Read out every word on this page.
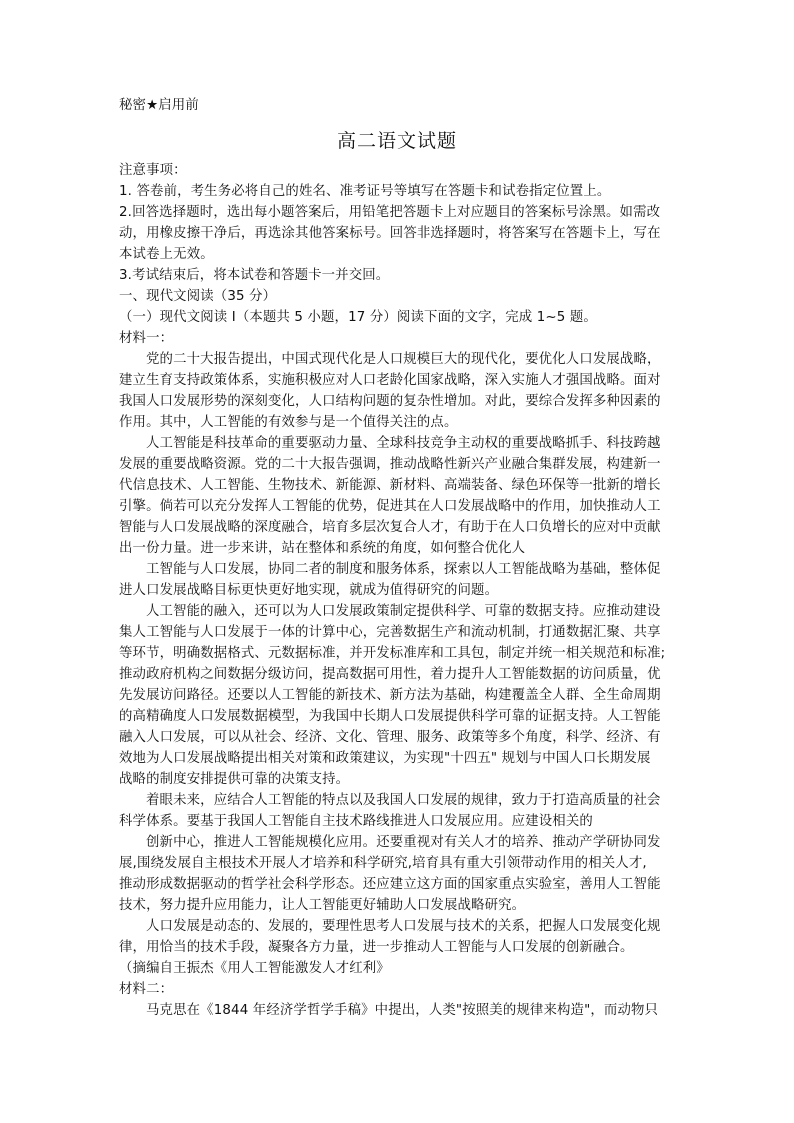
秘密★启用前
高二语文试题
注意事项：
1. 答卷前，考生务必将自己的姓名、准考证号等填写在答题卡和试卷指定位置上。
2.回答选择题时，选出每小题答案后，用铅笔把答题卡上对应题目的答案标号涂黑。如需改
动，用橡皮擦干净后，再选涂其他答案标号。回答非选择题时，将答案写在答题卡上，写在
本试卷上无效。
3.考试结束后，将本试卷和答题卡一并交回。
一、现代文阅读（35 分）
（一）现代文阅读 I（本题共 5 小题，17 分）阅读下面的文字，完成 1~5 题。
材料一：
党的二十大报告提出，中国式现代化是人口规模巨大的现代化，要优化人口发展战略，
建立生育支持政策体系，实施积极应对人口老龄化国家战略，深入实施人才强国战略。面对
我国人口发展形势的深刻变化，人口结构问题的复杂性增加。对此，要综合发挥多种因素的
作用。其中，人工智能的有效参与是一个值得关注的点。
人工智能是科技革命的重要驱动力量、全球科技竞争主动权的重要战略抓手、科技跨越
发展的重要战略资源。党的二十大报告强调，推动战略性新兴产业融合集群发展，构建新一
代信息技术、人工智能、生物技术、新能源、新材料、高端装备、绿色环保等一批新的增长
引擎。倘若可以充分发挥人工智能的优势，促进其在人口发展战略中的作用，加快推动人工
智能与人口发展战略的深度融合，培育多层次复合人才，有助于在人口负增长的应对中贡献
出一份力量。进一步来讲，站在整体和系统的角度，如何整合优化人
工智能与人口发展，协同二者的制度和服务体系，探索以人工智能战略为基础，整体促
进人口发展战略目标更快更好地实现，就成为值得研究的问题。
人工智能的融入，还可以为人口发展政策制定提供科学、可靠的数据支持。应推动建设
集人工智能与人口发展于一体的计算中心，完善数据生产和流动机制，打通数据汇聚、共享
等环节，明确数据格式、元数据标准，并开发标准库和工具包，制定并统一相关规范和标准;
推动政府机构之间数据分级访问，提高数据可用性，着力提升人工智能数据的访问质量，优
先发展访问路径。还要以人工智能的新技术、新方法为基础，构建覆盖全人群、全生命周期
的高精确度人口发展数据模型，为我国中长期人口发展提供科学可靠的证据支持。人工智能
融入人口发展，可以从社会、经济、文化、管理、服务、政策等多个角度，科学、经济、有
效地为人口发展战略提出相关对策和政策建议，为实现"十四五" 规划与中国人口长期发展
战略的制度安排提供可靠的决策支持。
着眼未来，应结合人工智能的特点以及我国人口发展的规律，致力于打造高质量的社会
科学体系。要基于我国人工智能自主技术路线推进人口发展应用。应建设相关的
创新中心，推进人工智能规模化应用。还要重视对有关人才的培养、推动产学研协同发
展,围绕发展自主根技术开展人才培养和科学研究,培育具有重大引领带动作用的相关人才,
推动形成数据驱动的哲学社会科学形态。还应建立这方面的国家重点实验室，善用人工智能
技术，努力提升应用能力，让人工智能更好辅助人口发展战略研究。
人口发展是动态的、发展的，要理性思考人口发展与技术的关系，把握人口发展变化规
律，用恰当的技术手段，凝聚各方力量，进一步推动人工智能与人口发展的创新融合。
（摘编自王振杰《用人工智能激发人才红利》
材料二：
马克思在《1844 年经济学哲学手稿》中提出，人类"按照美的规律来构造"，而动物只
